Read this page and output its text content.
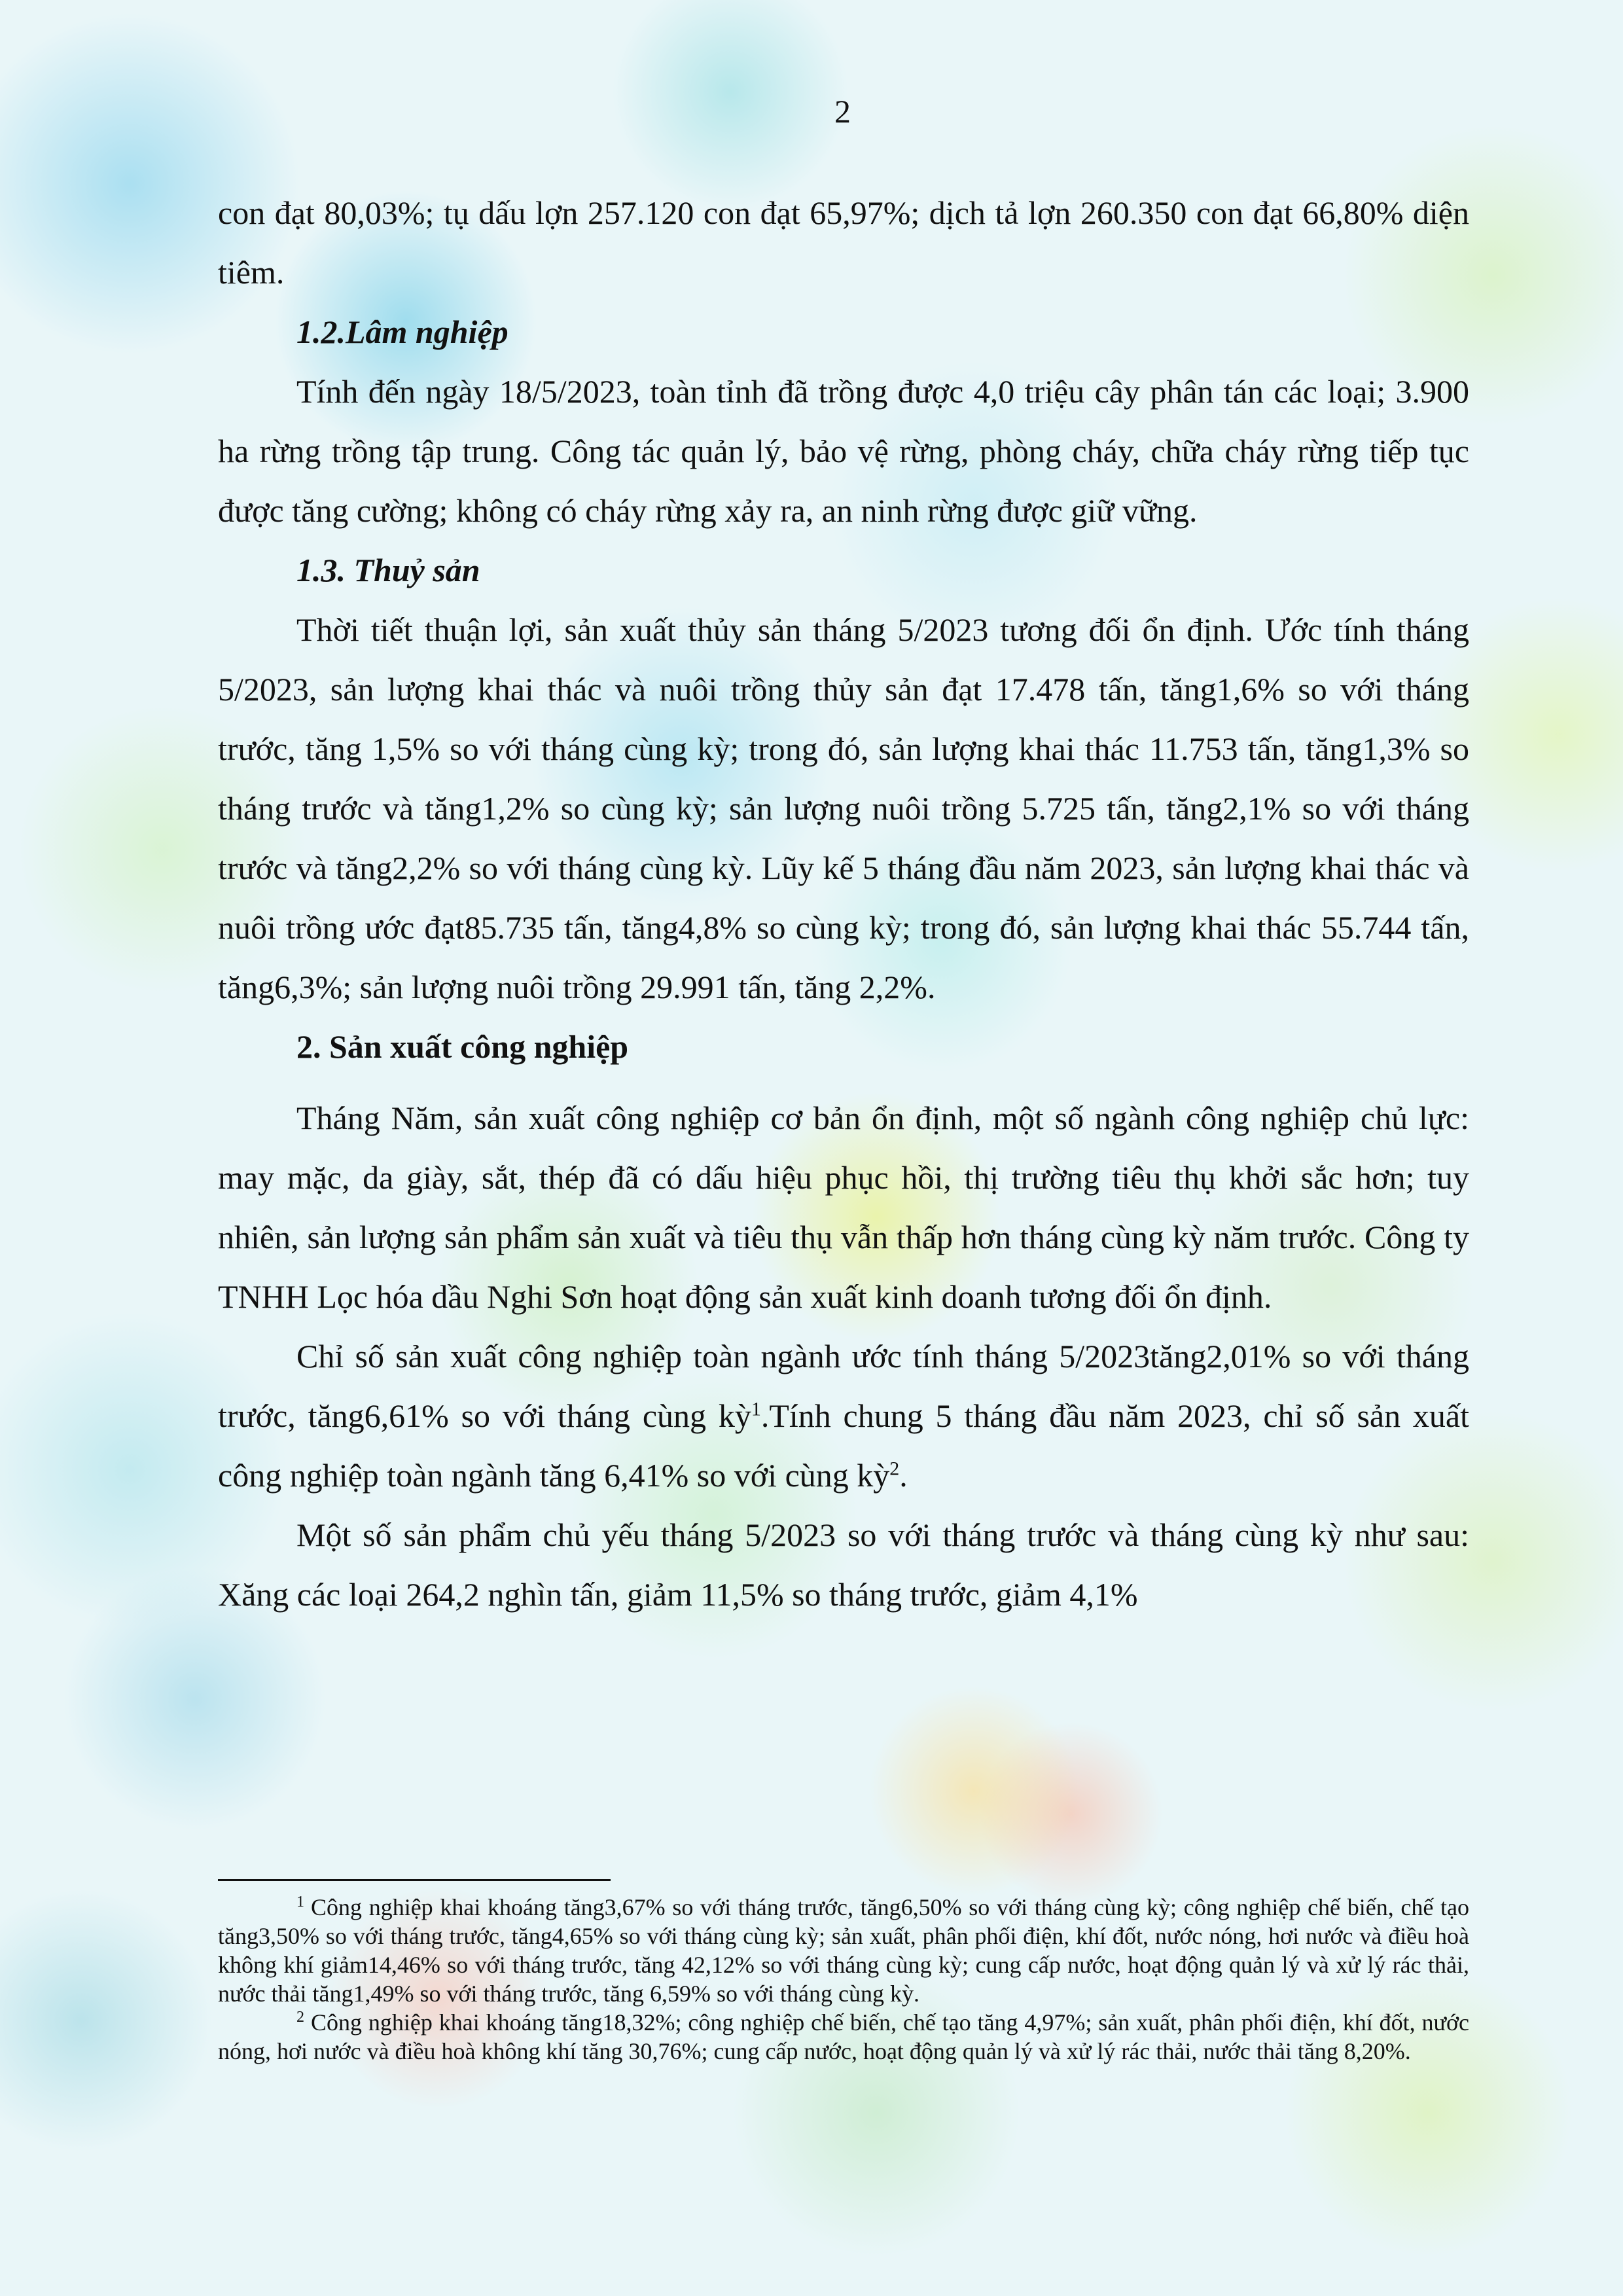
2

con đạt 80,03%; tụ dấu lợn 257.120 con đạt 65,97%; dịch tả lợn 260.350 con đạt 66,80% diện tiêm.

1.2.Lâm nghiệp

Tính đến ngày 18/5/2023, toàn tỉnh đã trồng được 4,0 triệu cây phân tán các loại; 3.900 ha rừng trồng tập trung. Công tác quản lý, bảo vệ rừng, phòng cháy, chữa cháy rừng tiếp tục được tăng cường; không có cháy rừng xảy ra, an ninh rừng được giữ vững.

1.3. Thuỷ sản

Thời tiết thuận lợi, sản xuất thủy sản tháng 5/2023 tương đối ổn định. Ước tính tháng 5/2023, sản lượng khai thác và nuôi trồng thủy sản đạt 17.478 tấn, tăng1,6% so với tháng trước, tăng 1,5% so với tháng cùng kỳ; trong đó, sản lượng khai thác 11.753 tấn, tăng1,3% so tháng trước và tăng1,2% so cùng kỳ; sản lượng nuôi trồng 5.725 tấn, tăng2,1% so với tháng trước và tăng2,2% so với tháng cùng kỳ. Lũy kế 5 tháng đầu năm 2023, sản lượng khai thác và nuôi trồng ước đạt85.735 tấn, tăng4,8% so cùng kỳ; trong đó, sản lượng khai thác 55.744 tấn, tăng6,3%; sản lượng nuôi trồng 29.991 tấn, tăng 2,2%.

2. Sản xuất công nghiệp

Tháng Năm, sản xuất công nghiệp cơ bản ổn định, một số ngành công nghiệp chủ lực: may mặc, da giày, sắt, thép đã có dấu hiệu phục hồi, thị trường tiêu thụ khởi sắc hơn; tuy nhiên, sản lượng sản phẩm sản xuất và tiêu thụ vẫn thấp hơn tháng cùng kỳ năm trước. Công ty TNHH Lọc hóa dầu Nghi Sơn hoạt động sản xuất kinh doanh tương đối ổn định.

Chỉ số sản xuất công nghiệp toàn ngành ước tính tháng 5/2023tăng2,01% so với tháng trước, tăng6,61% so với tháng cùng kỳ$^1$.Tính chung 5 tháng đầu năm 2023, chỉ số sản xuất công nghiệp toàn ngành tăng 6,41% so với cùng kỳ$^2$.

Một số sản phẩm chủ yếu tháng 5/2023 so với tháng trước và tháng cùng kỳ như sau: Xăng các loại 264,2 nghìn tấn, giảm 11,5% so tháng trước, giảm 4,1%

$^1$ Công nghiệp khai khoáng tăng3,67% so với tháng trước, tăng6,50% so với tháng cùng kỳ; công nghiệp chế biến, chế tạo tăng3,50% so với tháng trước, tăng4,65% so với tháng cùng kỳ; sản xuất, phân phối điện, khí đốt, nước nóng, hơi nước và điều hoà không khí giảm14,46% so với tháng trước, tăng 42,12% so với tháng cùng kỳ; cung cấp nước, hoạt động quản lý và xử lý rác thải, nước thải tăng1,49% so với tháng trước, tăng 6,59% so với tháng cùng kỳ.

$^2$ Công nghiệp khai khoáng tăng18,32%; công nghiệp chế biến, chế tạo tăng 4,97%; sản xuất, phân phối điện, khí đốt, nước nóng, hơi nước và điều hoà không khí tăng 30,76%; cung cấp nước, hoạt động quản lý và xử lý rác thải, nước thải tăng 8,20%.
